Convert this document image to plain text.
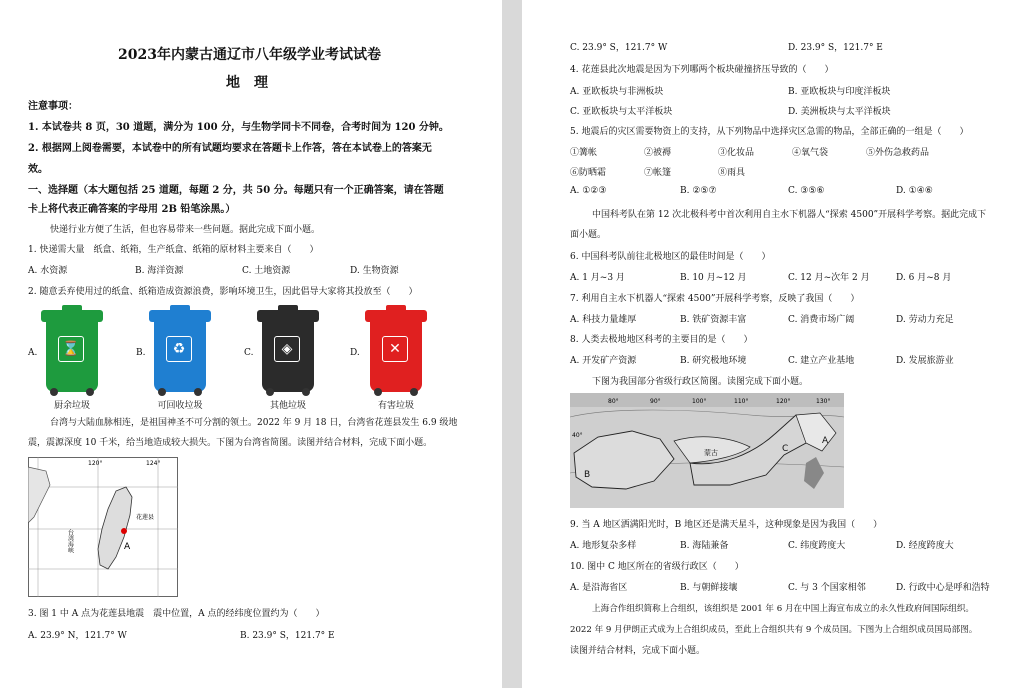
2023年内蒙古通辽市八年级学业考试试卷
地　理
注意事项：
1. 本试卷共 8 页，30 道题，满分为 100 分，与生物学同卡不同卷，合考时间为 120 分钟。
2. 根据网上阅卷需要，本试卷中的所有试题均要求在答题卡上作答，答在本试卷上的答案无
效。
一、选择题（本大题包括 25 道题，每题 2 分，共 50 分。每题只有一个正确答案，请在答题
卡上将代表正确答案的字母用 2B 铅笔涂黑。）
快递行业方便了生活，但也容易带来一些问题。据此完成下面小题。
1. 快递需大量　纸盒、纸箱，生产纸盒、纸箱的原材料主要来自（　　）
A. 水资源	B. 海洋资源	C. 土地资源	D. 生物资源
2. 随意丢弃使用过的纸盒、纸箱造成资源浪费，影响环境卫生，因此倡导大家将其投放至（　　）
A.	⌛
厨余垃圾
B.	♻
可回收垃圾
C.	◈
其他垃圾
D.	✕
有害垃圾
台湾与大陆血脉相连，是祖国神圣不可分割的领土。2022 年 9 月 18 日，台湾省花莲县发生 6.9 级地
震，震源深度 10 千米，给当地造成较大损失。下图为台湾省简图。读图并结合材料，完成下面小题。
A
台湾海峡
花莲县
120°	124°
3. 图 1 中 A 点为花莲县地震　震中位置，A 点的经纬度位置约为（　　）
A. 23.9° N，121.7° W	B. 23.9° S，121.7° E
C. 23.9° S，121.7° W	D. 23.9° S，121.7° E
4. 花莲县此次地震是因为下列哪两个板块碰撞挤压导致的（　　）
A. 亚欧板块与非洲板块	B. 亚欧板块与印度洋板块
C. 亚欧板块与太平洋板块	D. 美洲板块与太平洋板块
5. 地震后的灾区需要物资上的支持，从下列物品中选择灾区急需的物品，全部正确的一组是（　　）
①篝帐	②被褥	③化妆品	④氧气袋	⑤外伤急救药品
⑥防晒霜	⑦帐篷	⑧雨具
A. ①②③	B. ②⑤⑦	C. ③⑤⑥	D. ①④⑥
中国科考队在第 12 次北极科考中首次利用自主水下机器人“探索 4500”开展科学考察。据此完成下
面小题。
6. 中国科考队前往北极地区的最佳时间是（　　）
A. 1 月~3 月	B. 10 月~12 月	C. 12 月~次年 2 月	D. 6 月~8 月
7. 利用自主水下机器人“探索 4500”开展科学考察，反映了我国（　　）
A. 科技力量雄厚	B. 铁矿资源丰富	C. 消费市场广阔	D. 劳动力充足
8. 人类去极地地区科考的主要目的是（　　）
A. 开发矿产资源	B. 研究极地环境	C. 建立产业基地	D. 发展旅游业
下图为我国部分省级行政区简图。读图完成下面小题。
80°	90°	100°	110°	120°	130°
B
A
C
蒙古
40°
9. 当 A 地区洒满阳光时，B 地区还是满天星斗，这种现象是因为我国（　　）
A. 地形复杂多样	B. 海陆兼备	C. 纬度跨度大	D. 经度跨度大
10. 图中 C 地区所在的省级行政区（　　）
A. 是沿海省区	B. 与朝鲜接壤	C. 与 3 个国家相邻	D. 行政中心是呼和浩特
上海合作组织简称上合组织，该组织是 2001 年 6 月在中国上海宣布成立的永久性政府间国际组织。
2022 年 9 月伊朗正式成为上合组织成员，至此上合组织共有 9 个成员国。下图为上合组织成员国局部图。
读图并结合材料，完成下面小题。
